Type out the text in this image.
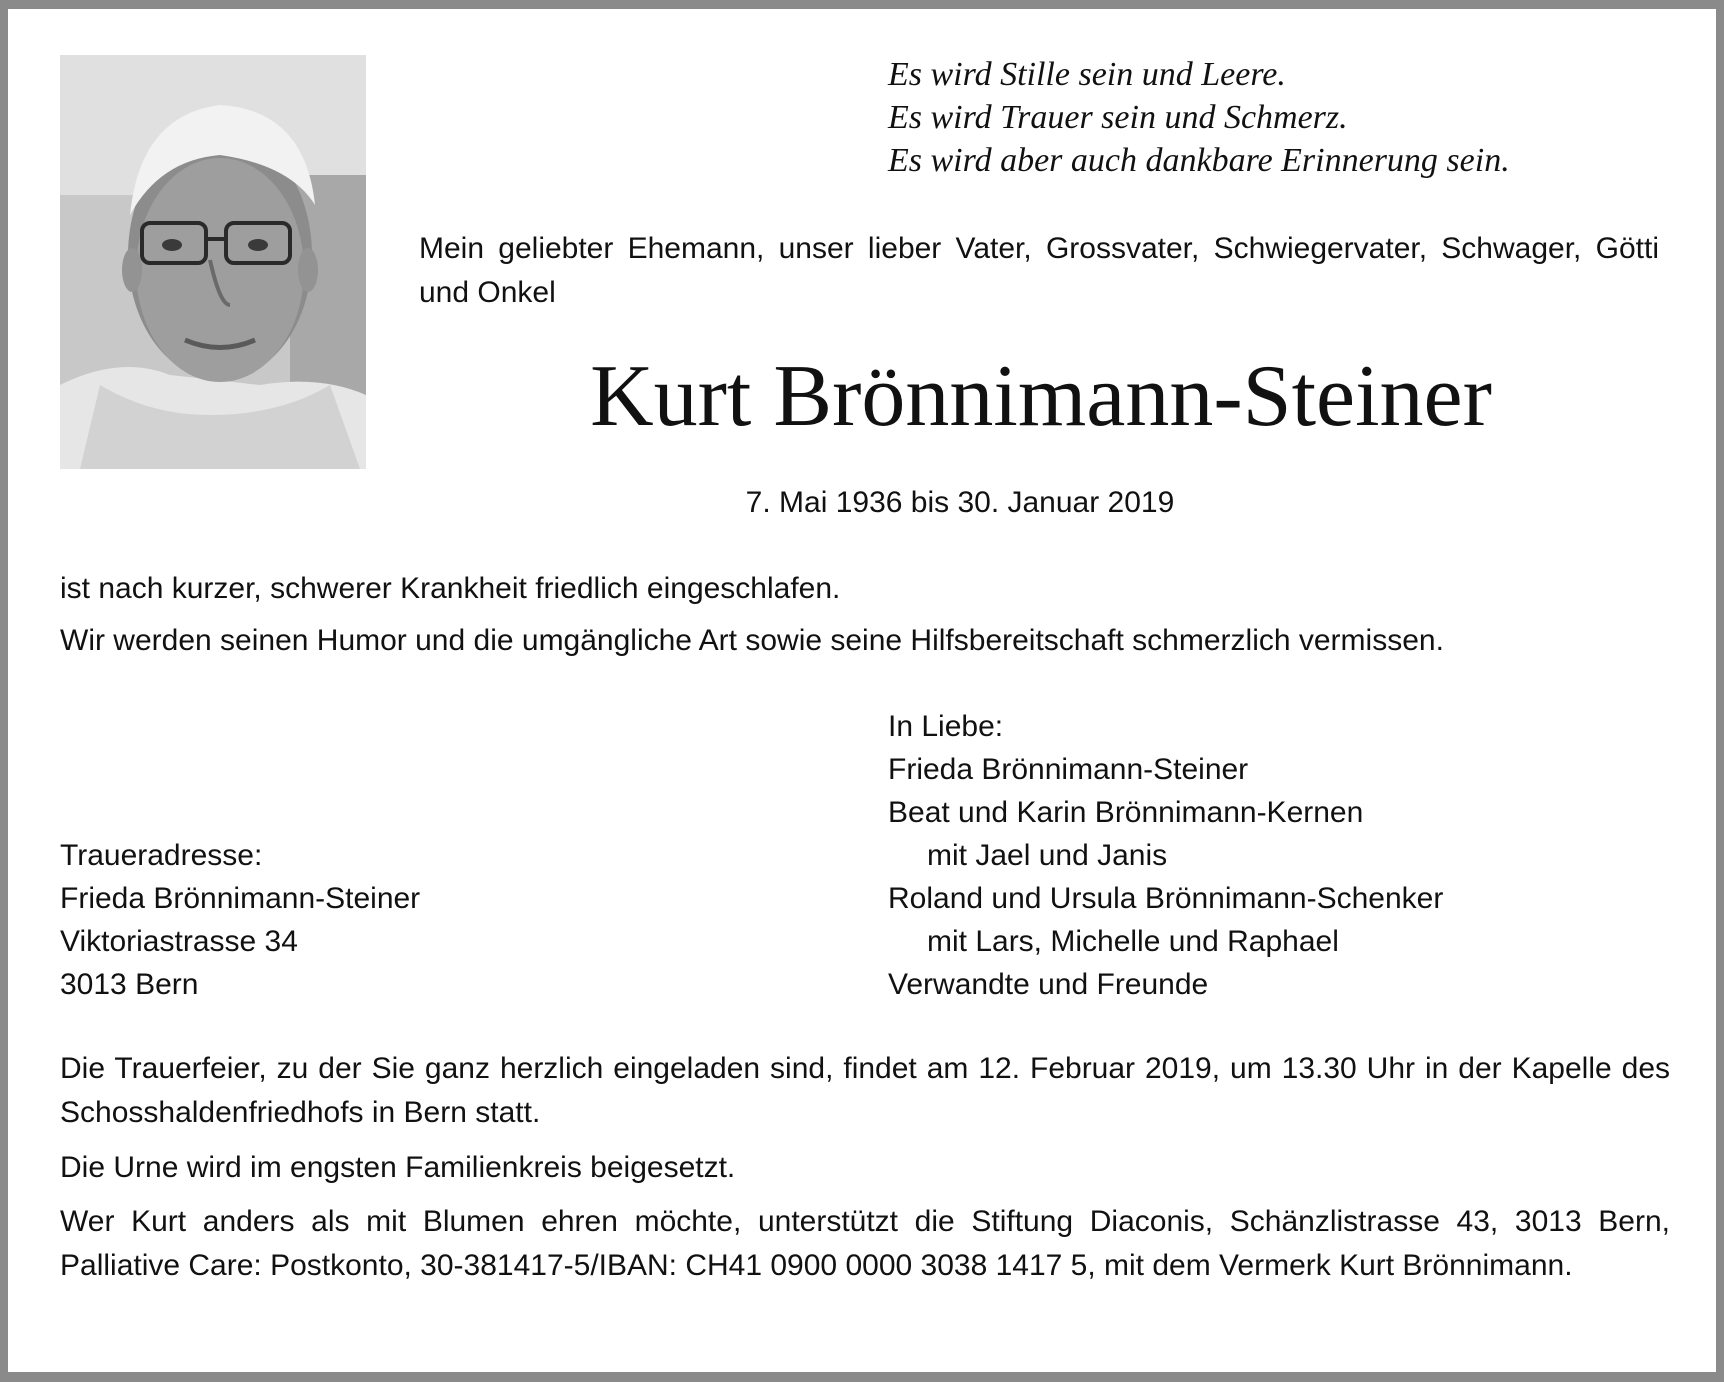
Es wird Stille sein und Leere.
Es wird Trauer sein und Schmerz.
Es wird aber auch dankbare Erinnerung sein.

Mein geliebter Ehemann, unser lieber Vater, Grossvater, Schwiegervater, Schwager, Götti und Onkel

Kurt Brönnimann-Steiner
7. Mai 1936 bis 30. Januar 2019

ist nach kurzer, schwerer Krankheit friedlich eingeschlafen.

Wir werden seinen Humor und die umgängliche Art sowie seine Hilfsbereitschaft schmerzlich vermissen.

In Liebe:
Frieda Brönnimann-Steiner
Beat und Karin Brönnimann-Kernen
mit Jael und Janis
Roland und Ursula Brönnimann-Schenker
mit Lars, Michelle und Raphael
Verwandte und Freunde
Traueradresse:
Frieda Brönnimann-Steiner
Viktoriastrasse 34
3013 Bern

Die Trauerfeier, zu der Sie ganz herzlich eingeladen sind, findet am 12. Februar 2019, um 13.30 Uhr in der Kapelle des Schosshaldenfriedhofs in Bern statt.

Die Urne wird im engsten Familienkreis beigesetzt.

Wer Kurt anders als mit Blumen ehren möchte, unterstützt die Stiftung Diaconis, Schänzlistrasse 43, 3013 Bern, Palliative Care: Postkonto, 30-381417-5/IBAN: CH41 0900 0000 3038 1417 5, mit dem Vermerk Kurt Brönnimann.
